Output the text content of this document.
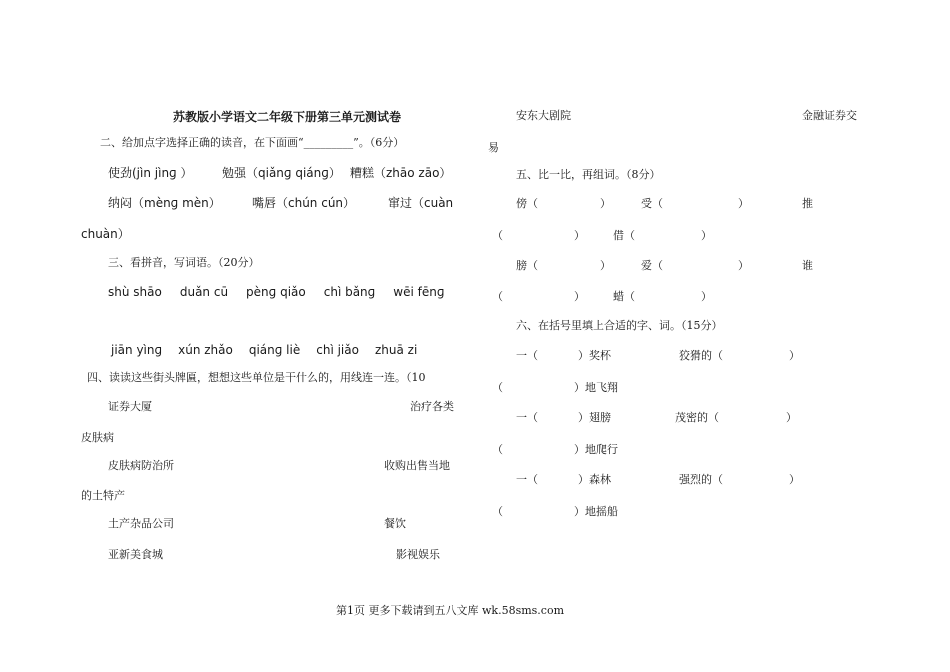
苏教版小学语文二年级下册第三单元测试卷
二、给加点字选择正确的读音，在下面画“_________”。（6分）
使劲(jìn jìnɡ ） 勉强（qiǎnɡ qiánɡ） 糟糕（zhāo zāo）
纳闷（mènɡ mèn）	嘴唇（chún cún）	窜过（cuàn
chuàn）
三、看拼音，写词语。（20分）
shù shāo duǎn cū pènɡ qiǎo chì bǎnɡ wēi fēnɡ
jiān yìnɡ xún zhǎo qiánɡ liè chì jiǎo zhuā zi
四、读读这些街头牌匾，想想这些单位是干什么的，用线连一连。（10
证券大厦	治疗各类
皮肤病
皮肤病防治所	收购出售当地
的土特产
土产杂品公司	餐饮
亚新美食城	影视娱乐
安东大剧院	金融证券交
易
五、比一比，再组词。（8分）
傍（	）	受（	）	推
（	）	借（	）
膀（	）	爱（	）	谁
（	）	蜡（	）
六、在括号里填上合适的字、词。（15分）
一（	）奖杯	狡猾的（	）
（	）地飞翔
一（	）翅膀	茂密的（	）
（	）地爬行
一（	）森林	强烈的（	）
（	）地摇船
第1页 更多下载请到五八文库 wk.58sms.com
